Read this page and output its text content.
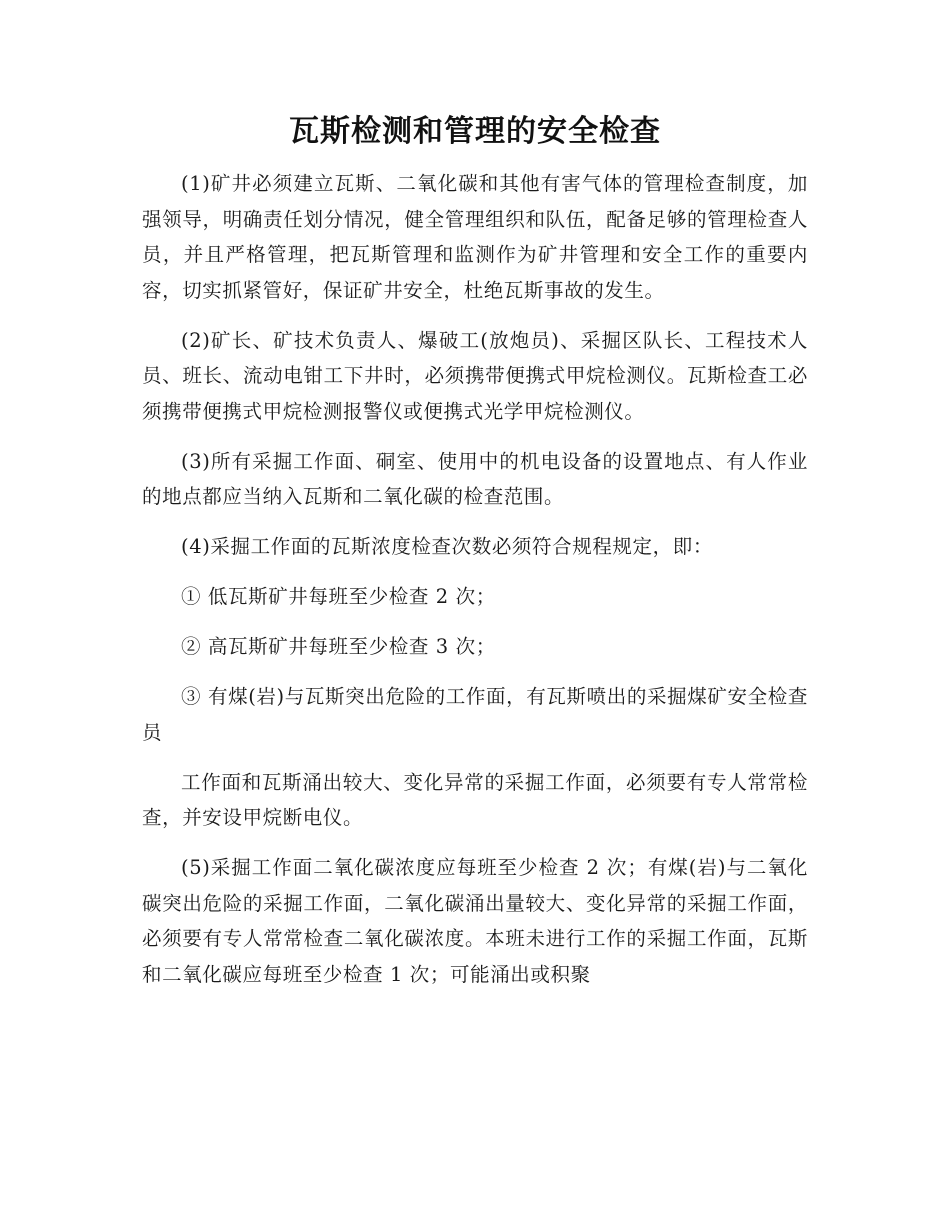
瓦斯检测和管理的安全检查

(1)矿井必须建立瓦斯、二氧化碳和其他有害气体的管理检查制度，加强领导，明确责任划分情况，健全管理组织和队伍，配备足够的管理检查人员，并且严格管理，把瓦斯管理和监测作为矿井管理和安全工作的重要内容，切实抓紧管好，保证矿井安全，杜绝瓦斯事故的发生。

(2)矿长、矿技术负责人、爆破工(放炮员)、采掘区队长、工程技术人员、班长、流动电钳工下井时，必须携带便携式甲烷检测仪。瓦斯检查工必须携带便携式甲烷检测报警仪或便携式光学甲烷检测仪。

(3)所有采掘工作面、硐室、使用中的机电设备的设置地点、有人作业的地点都应当纳入瓦斯和二氧化碳的检查范围。

(4)采掘工作面的瓦斯浓度检查次数必须符合规程规定，即：

① 低瓦斯矿井每班至少检查 2 次；

② 高瓦斯矿井每班至少检查 3 次；

③ 有煤(岩)与瓦斯突出危险的工作面，有瓦斯喷出的采掘煤矿安全检查员

工作面和瓦斯涌出较大、变化异常的采掘工作面，必须要有专人常常检查，并安设甲烷断电仪。

(5)采掘工作面二氧化碳浓度应每班至少检查 2 次；有煤(岩)与二氧化碳突出危险的采掘工作面，二氧化碳涌出量较大、变化异常的采掘工作面，必须要有专人常常检查二氧化碳浓度。本班未进行工作的采掘工作面，瓦斯和二氧化碳应每班至少检查 1 次；可能涌出或积聚
